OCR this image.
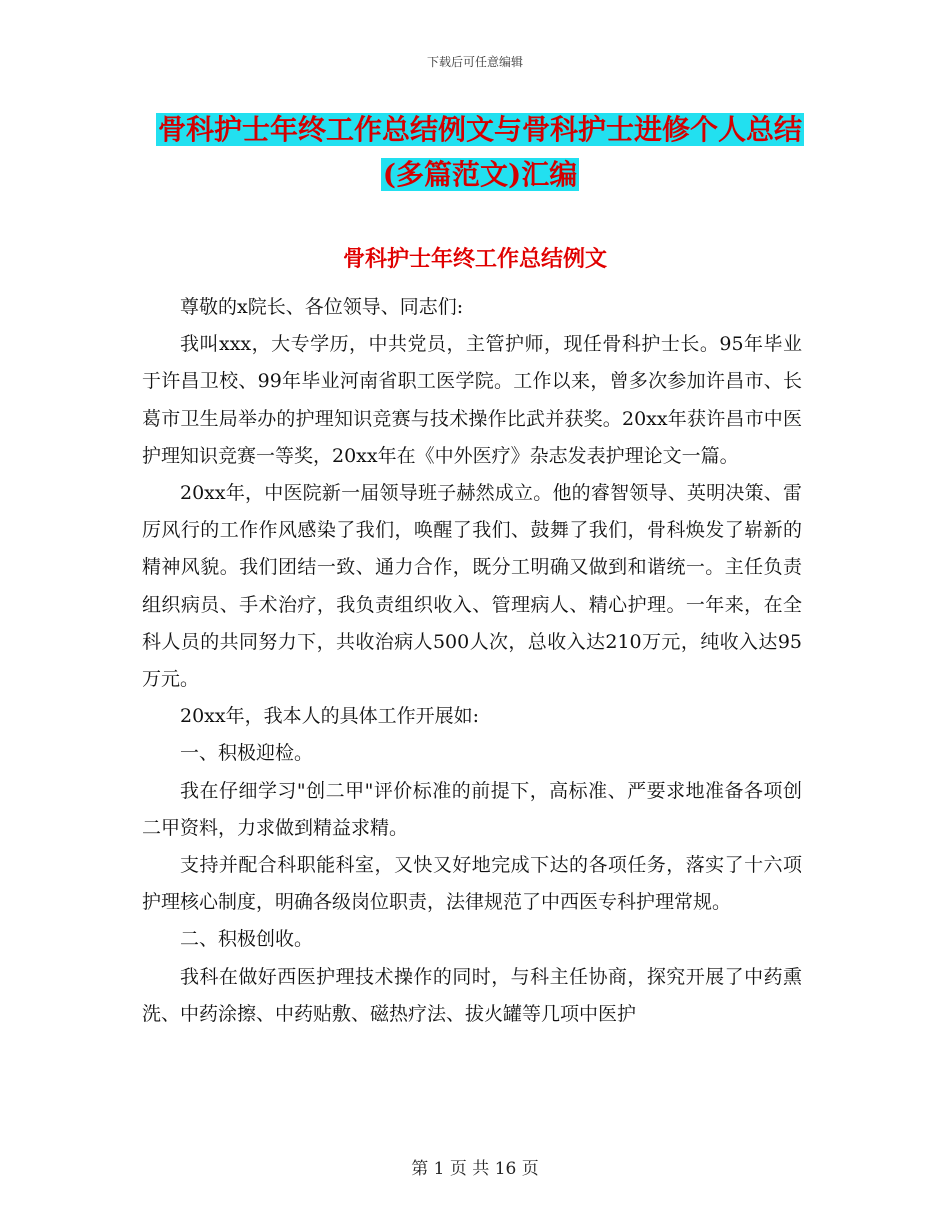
下载后可任意编辑
骨科护士年终工作总结例文与骨科护士进修个人总结
(多篇范文)汇编
骨科护士年终工作总结例文

尊敬的x院长、各位领导、同志们:

我叫xxx，大专学历，中共党员，主管护师，现任骨科护士长。95年毕业于许昌卫校、99年毕业河南省职工医学院。工作以来，曾多次参加许昌市、长葛市卫生局举办的护理知识竞赛与技术操作比武并获奖。20xx年获许昌市中医护理知识竞赛一等奖，20xx年在《中外医疗》杂志发表护理论文一篇。

20xx年，中医院新一届领导班子赫然成立。他的睿智领导、英明决策、雷厉风行的工作作风感染了我们，唤醒了我们、鼓舞了我们，骨科焕发了崭新的精神风貌。我们团结一致、通力合作，既分工明确又做到和谐统一。主任负责组织病员、手术治疗，我负责组织收入、管理病人、精心护理。一年来，在全科人员的共同努力下，共收治病人500人次，总收入达210万元，纯收入达95万元。

20xx年，我本人的具体工作开展如:

一、积极迎检。

我在仔细学习"创二甲"评价标准的前提下，高标准、严要求地准备各项创二甲资料，力求做到精益求精。

支持并配合科职能科室，又快又好地完成下达的各项任务，落实了十六项护理核心制度，明确各级岗位职责，法律规范了中西医专科护理常规。

二、积极创收。

我科在做好西医护理技术操作的同时，与科主任协商，探究开展了中药熏洗、中药涂擦、中药贴敷、磁热疗法、拔火罐等几项中医护

第 1 页 共 16 页
